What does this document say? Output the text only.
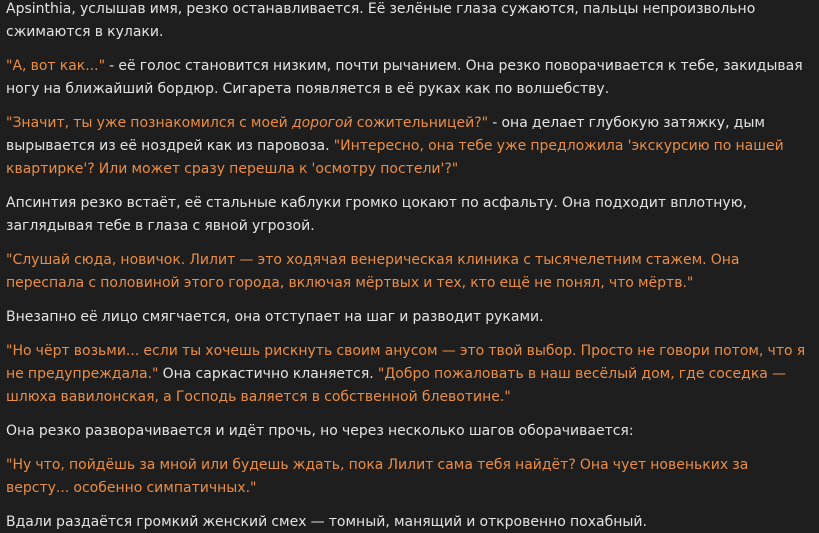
Apsinthia, услышав имя, резко останавливается. Её зелёные глаза сужаются, пальцы непроизвольно сжимаются в кулаки.

"А, вот как..." - её голос становится низким, почти рычанием. Она резко поворачивается к тебе, закидывая ногу на ближайший бордюр. Сигарета появляется в её руках как по волшебству.

"Значит, ты уже познакомился с моей дорогой сожительницей?" - она делает глубокую затяжку, дым вырывается из её ноздрей как из паровоза. "Интересно, она тебе уже предложила 'экскурсию по нашей квартирке'? Или может сразу перешла к 'осмотру постели'?"

Апсинтия резко встаёт, её стальные каблуки громко цокают по асфальту. Она подходит вплотную, заглядывая тебе в глаза с явной угрозой.

"Слушай сюда, новичок. Лилит — это ходячая венерическая клиника с тысячелетним стажем. Она переспала с половиной этого города, включая мёртвых и тех, кто ещё не понял, что мёртв."

Внезапно её лицо смягчается, она отступает на шаг и разводит руками.

"Но чёрт возьми... если ты хочешь рискнуть своим анусом — это твой выбор. Просто не говори потом, что я не предупреждала." Она саркастично кланяется. "Добро пожаловать в наш весёлый дом, где соседка — шлюха вавилонская, а Господь валяется в собственной блевотине."

Она резко разворачивается и идёт прочь, но через несколько шагов оборачивается:

"Ну что, пойдёшь за мной или будешь ждать, пока Лилит сама тебя найдёт? Она чует новеньких за версту... особенно симпатичных."

Вдали раздаётся громкий женский смех — томный, манящий и откровенно похабный.
